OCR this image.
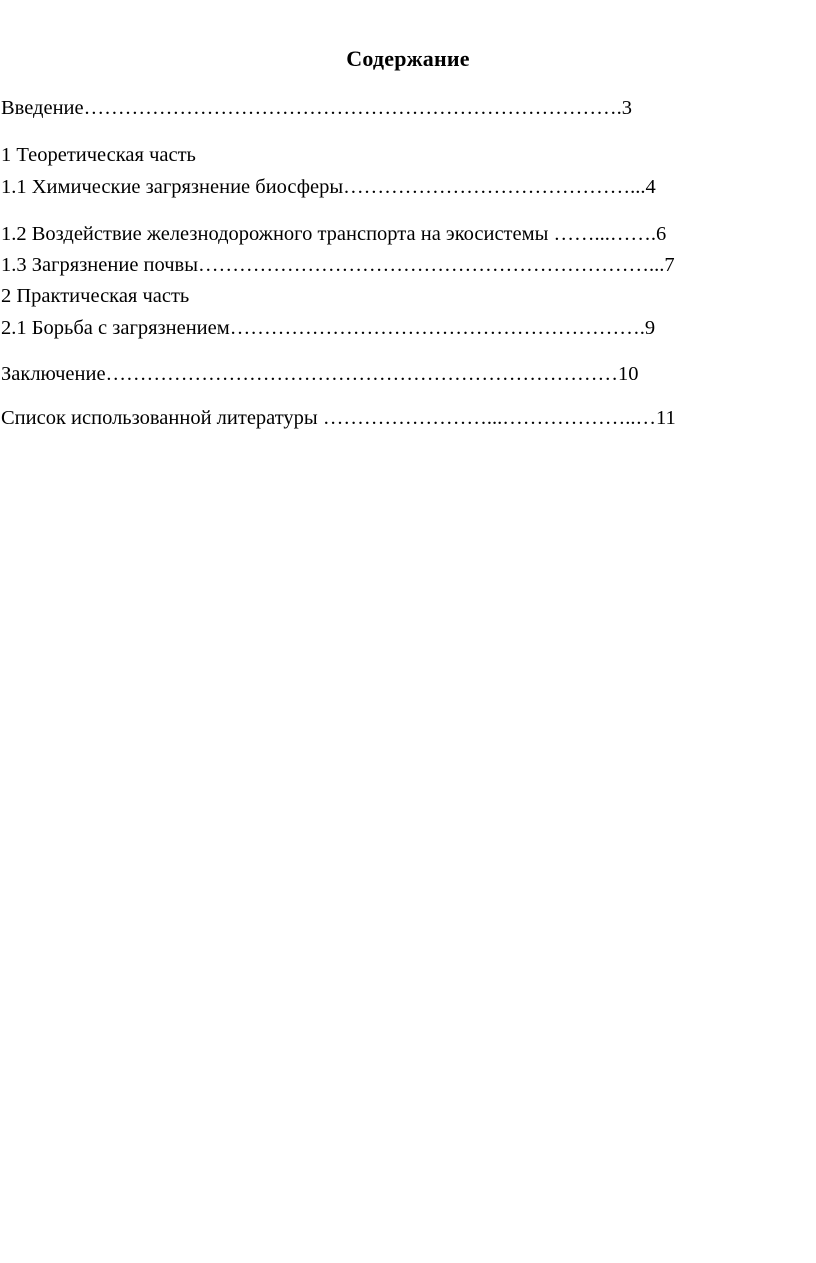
Содержание
Введение…………………………………………………………………….3
1 Теоретическая часть
1.1 Химические загрязнение биосферы……………………………………...4
1.2 Воздействие железнодорожного транспорта на экосистемы ……...…….6
1.3 Загрязнение почвы…………………………………………………………...7
2 Практическая часть
2.1 Борьба с загрязнением…………………………………………………….9
Заключение…………………………………………………………………10
Список использованной литературы ……………………...………………..…11
